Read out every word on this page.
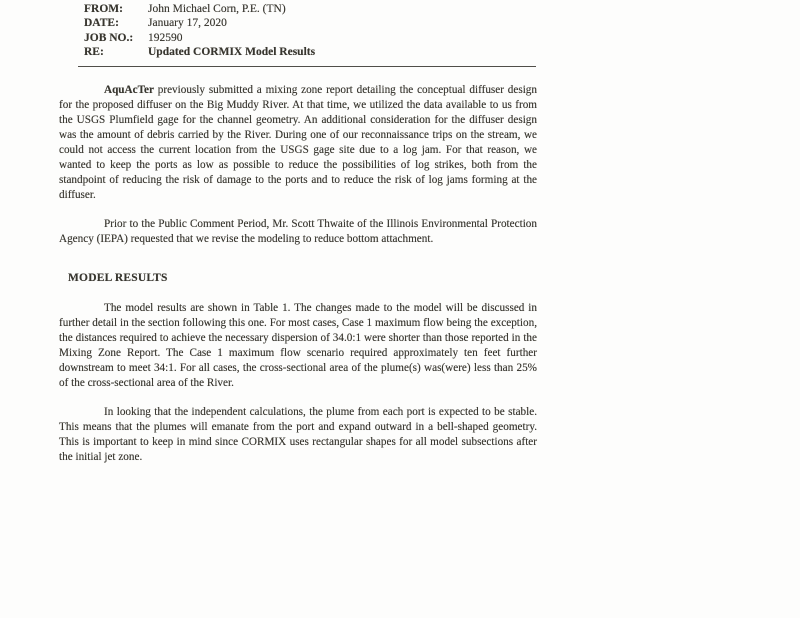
FROM:	John Michael Corn, P.E. (TN)
DATE:	January 17, 2020
JOB NO.:	192590
RE:	Updated CORMIX Model Results

AquAcTer previously submitted a mixing zone report detailing the conceptual diffuser design for the proposed diffuser on the Big Muddy River. At that time, we utilized the data available to us from the USGS Plumfield gage for the channel geometry. An additional consideration for the diffuser design was the amount of debris carried by the River. During one of our reconnaissance trips on the stream, we could not access the current location from the USGS gage site due to a log jam. For that reason, we wanted to keep the ports as low as possible to reduce the possibilities of log strikes, both from the standpoint of reducing the risk of damage to the ports and to reduce the risk of log jams forming at the diffuser.

Prior to the Public Comment Period, Mr. Scott Thwaite of the Illinois Environmental Protection Agency (IEPA) requested that we revise the modeling to reduce bottom attachment.

MODEL RESULTS

The model results are shown in Table 1. The changes made to the model will be discussed in further detail in the section following this one. For most cases, Case 1 maximum flow being the exception, the distances required to achieve the necessary dispersion of 34.0:1 were shorter than those reported in the Mixing Zone Report. The Case 1 maximum flow scenario required approximately ten feet further downstream to meet 34:1. For all cases, the cross-sectional area of the plume(s) was(were) less than 25% of the cross-sectional area of the River.

In looking that the independent calculations, the plume from each port is expected to be stable. This means that the plumes will emanate from the port and expand outward in a bell-shaped geometry. This is important to keep in mind since CORMIX uses rectangular shapes for all model subsections after the initial jet zone.
